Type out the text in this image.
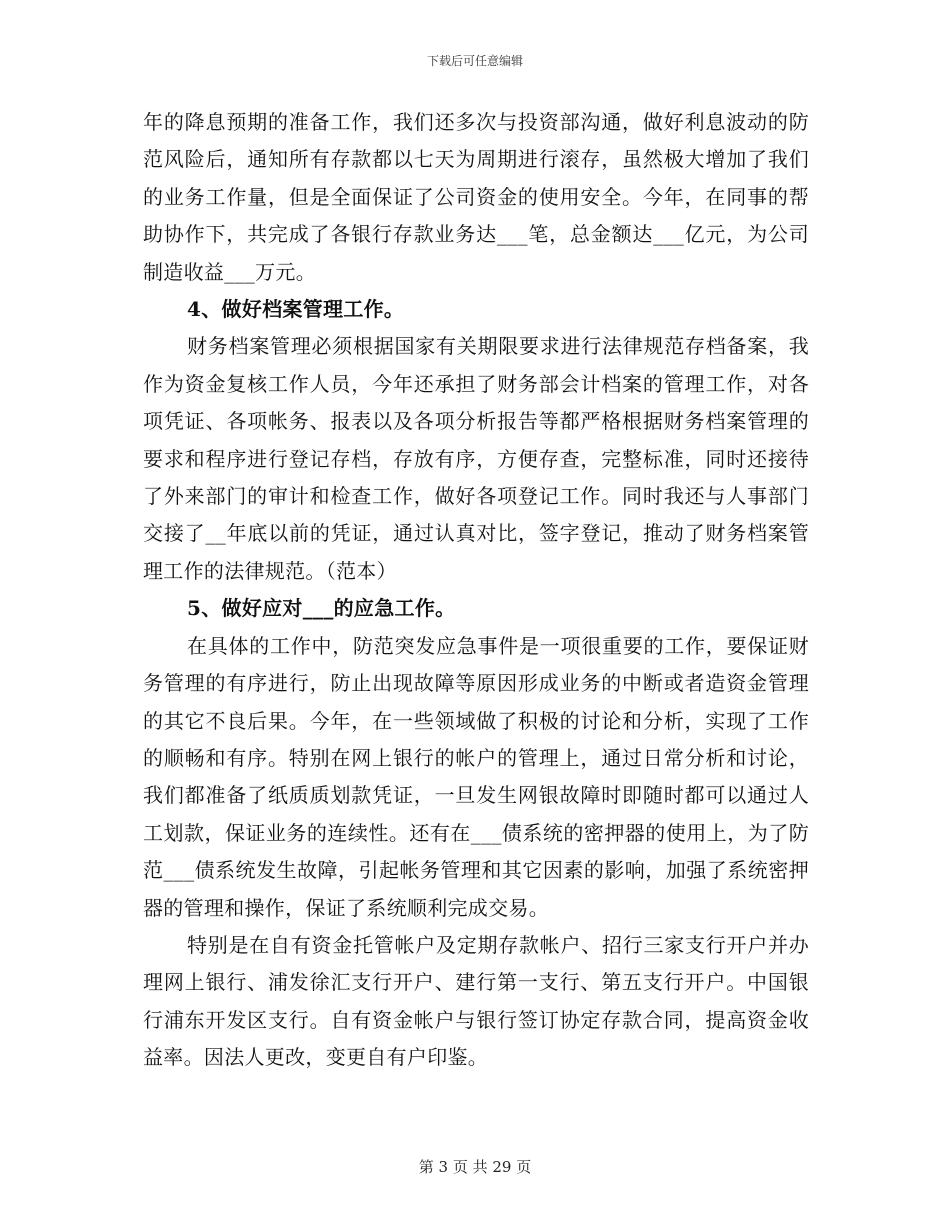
下载后可任意编辑

年的降息预期的准备工作，我们还多次与投资部沟通，做好利息波动的防范风险后，通知所有存款都以七天为周期进行滚存，虽然极大增加了我们的业务工作量，但是全面保证了公司资金的使用安全。今年，在同事的帮助协作下，共完成了各银行存款业务达___笔，总金额达___亿元，为公司制造收益___万元。

4、做好档案管理工作。

财务档案管理必须根据国家有关期限要求进行法律规范存档备案，我作为资金复核工作人员，今年还承担了财务部会计档案的管理工作，对各项凭证、各项帐务、报表以及各项分析报告等都严格根据财务档案管理的要求和程序进行登记存档，存放有序，方便存查，完整标准，同时还接待了外来部门的审计和检查工作，做好各项登记工作。同时我还与人事部门交接了__年底以前的凭证，通过认真对比，签字登记，推动了财务档案管理工作的法律规范。（范本）

5、做好应对___的应急工作。

在具体的工作中，防范突发应急事件是一项很重要的工作，要保证财务管理的有序进行，防止出现故障等原因形成业务的中断或者造资金管理的其它不良后果。今年，在一些领域做了积极的讨论和分析，实现了工作的顺畅和有序。特别在网上银行的帐户的管理上，通过日常分析和讨论，我们都准备了纸质质划款凭证，一旦发生网银故障时即随时都可以通过人工划款，保证业务的连续性。还有在___债系统的密押器的使用上，为了防范___债系统发生故障，引起帐务管理和其它因素的影响，加强了系统密押器的管理和操作，保证了系统顺利完成交易。

特别是在自有资金托管帐户及定期存款帐户、招行三家支行开户并办理网上银行、浦发徐汇支行开户、建行第一支行、第五支行开户。中国银行浦东开发区支行。自有资金帐户与银行签订协定存款合同，提高资金收益率。因法人更改，变更自有户印鉴。

第 3 页 共 29 页
